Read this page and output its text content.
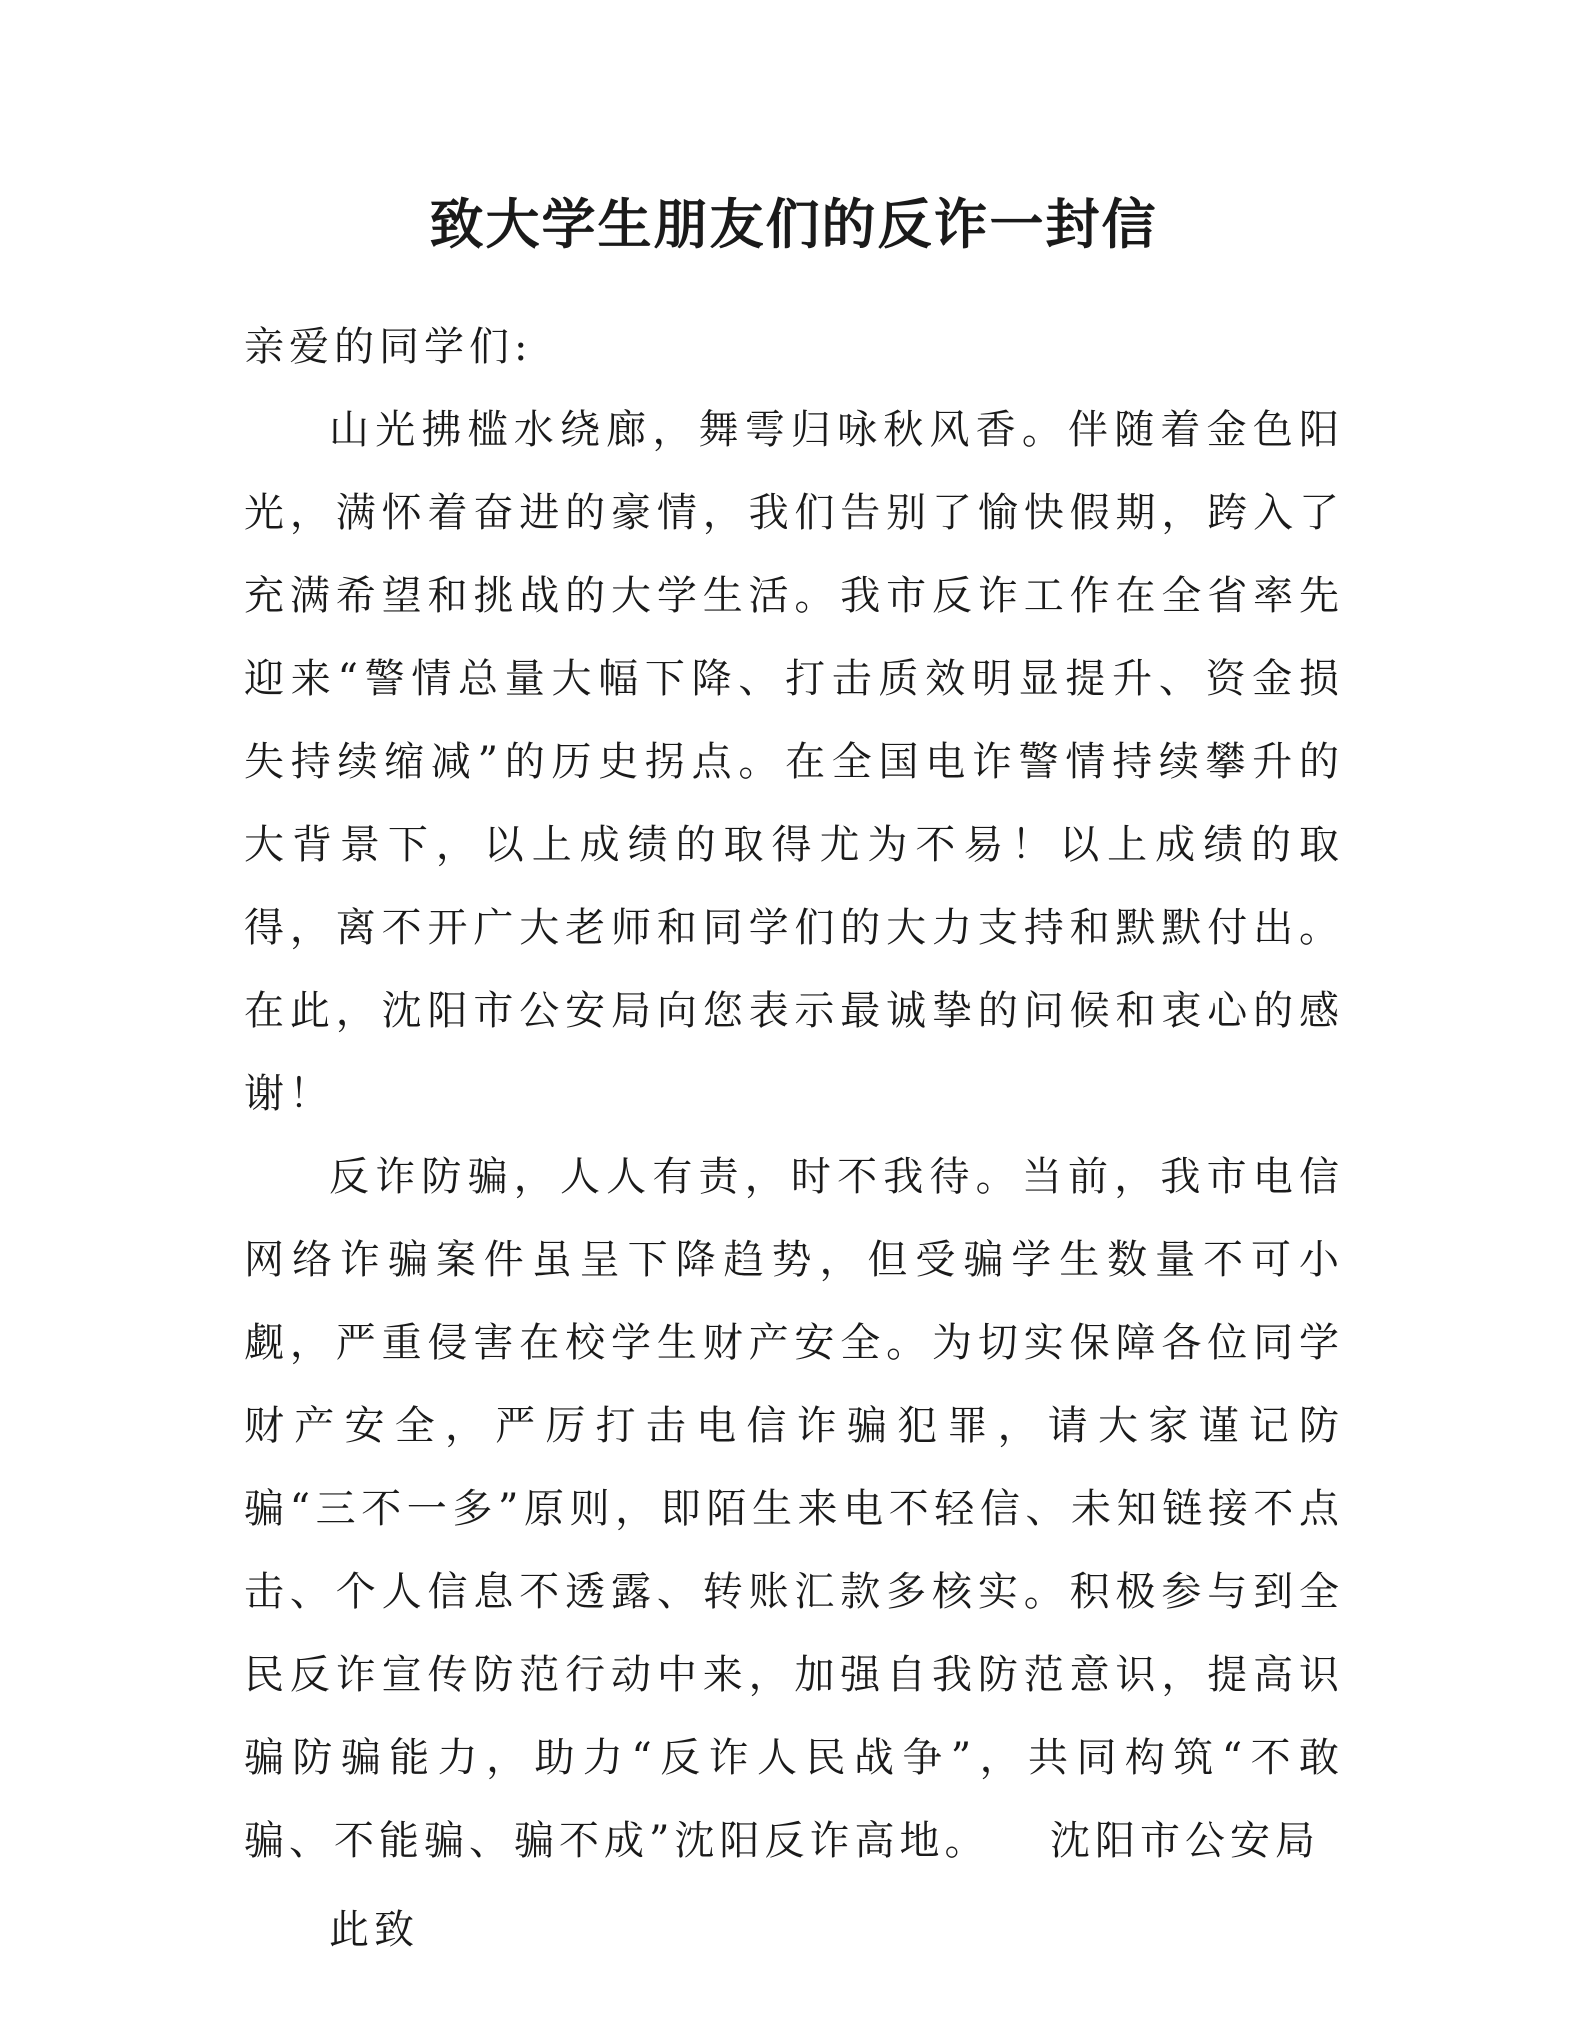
致大学生朋友们的反诈一封信

亲爱的同学们:

山光拂槛水绕廊，舞雩归咏秋风香。伴随着金色阳光，满怀着奋进的豪情，我们告别了愉快假期，跨入了充满希望和挑战的大学生活。我市反诈工作在全省率先迎来“警情总量大幅下降、打击质效明显提升、资金损失持续缩减”的历史拐点。在全国电诈警情持续攀升的大背景下，以上成绩的取得尤为不易！以上成绩的取得，离不开广大老师和同学们的大力支持和默默付出。在此，沈阳市公安局向您表示最诚挚的问候和衷心的感谢！

反诈防骗，人人有责，时不我待。当前，我市电信网络诈骗案件虽呈下降趋势，但受骗学生数量不可小觑，严重侵害在校学生财产安全。为切实保障各位同学财产安全，严厉打击电信诈骗犯罪，请大家谨记防骗“三不一多”原则，即陌生来电不轻信、未知链接不点击、个人信息不透露、转账汇款多核实。积极参与到全民反诈宣传防范行动中来，加强自我防范意识，提高识骗防骗能力，助力“反诈人民战争”，共同构筑“不敢骗、不能骗、骗不成”沈阳反诈高地。

此致

沈阳市公安局
